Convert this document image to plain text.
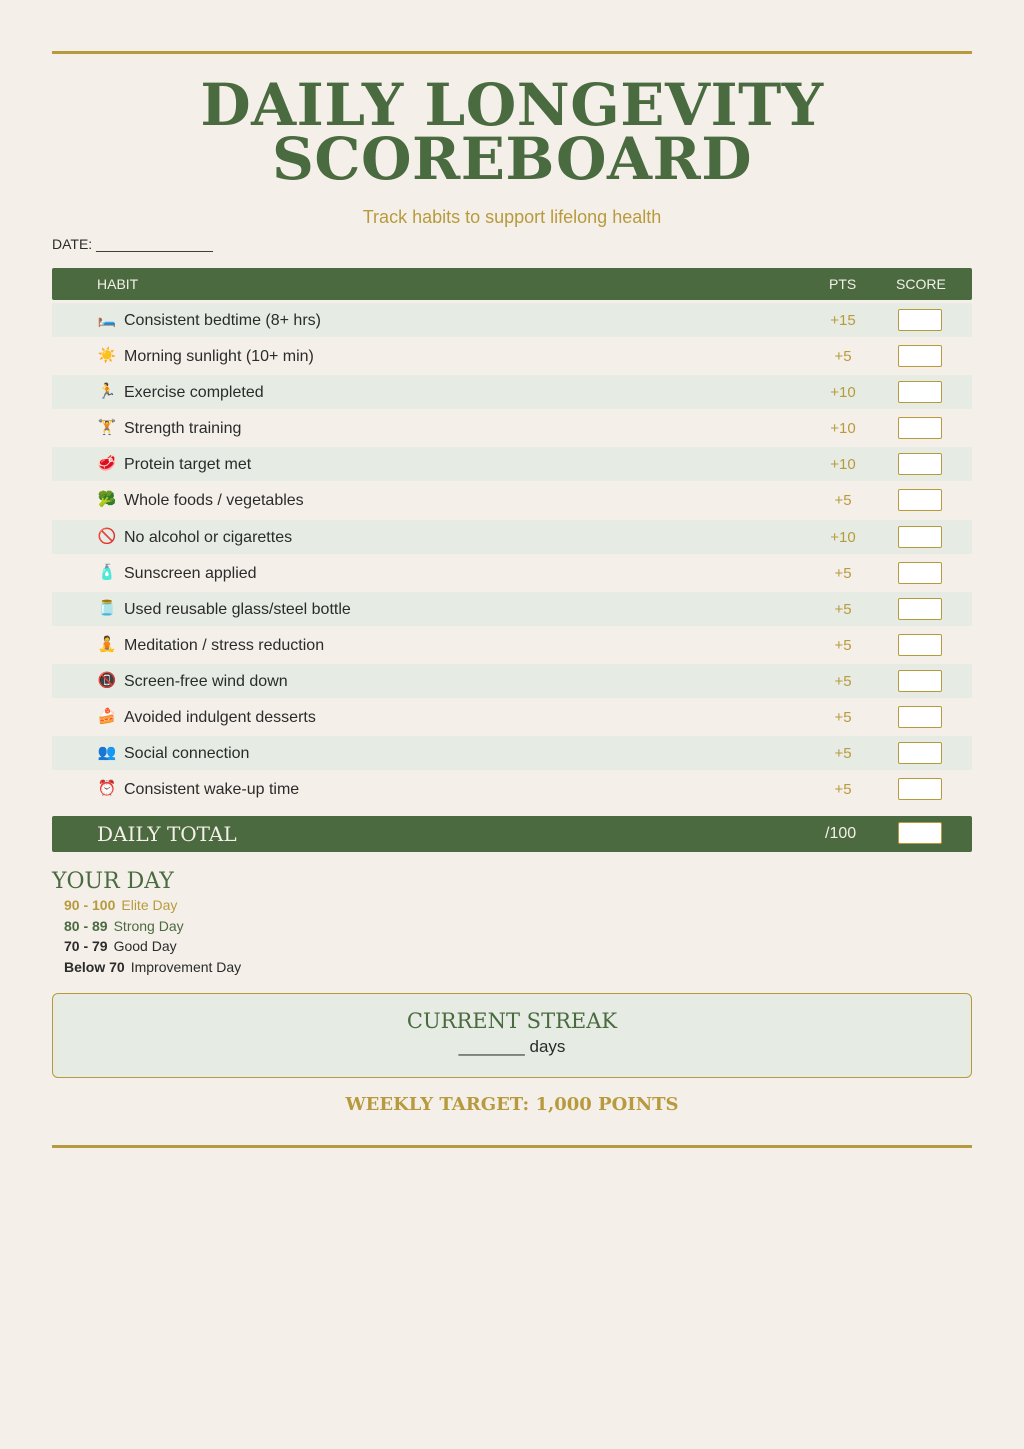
DAILY LONGEVITY
SCOREBOARD
Track habits to support lifelong health
DATE: _______________
HABIT	PTS	SCORE
🛏️ Consistent bedtime (8+ hrs)	+15
☀️ Morning sunlight (10+ min)	+5
🏃 Exercise completed	+10
🏋️ Strength training	+10
🥩 Protein target met	+10
🥦 Whole foods / vegetables	+5
🚫 No alcohol or cigarettes	+10
🧴 Sunscreen applied	+5
🫙 Used reusable glass/steel bottle	+5
🧘 Meditation / stress reduction	+5
📵 Screen-free wind down	+5
🍰 Avoided indulgent desserts	+5
👥 Social connection	+5
⏰ Consistent wake-up time	+5
DAILY TOTAL	/100
YOUR DAY
90 - 100 Elite Day
80 - 89 Strong Day
70 - 79 Good Day
Below 70 Improvement Day
CURRENT STREAK
_______ days
WEEKLY TARGET: 1,000 POINTS
